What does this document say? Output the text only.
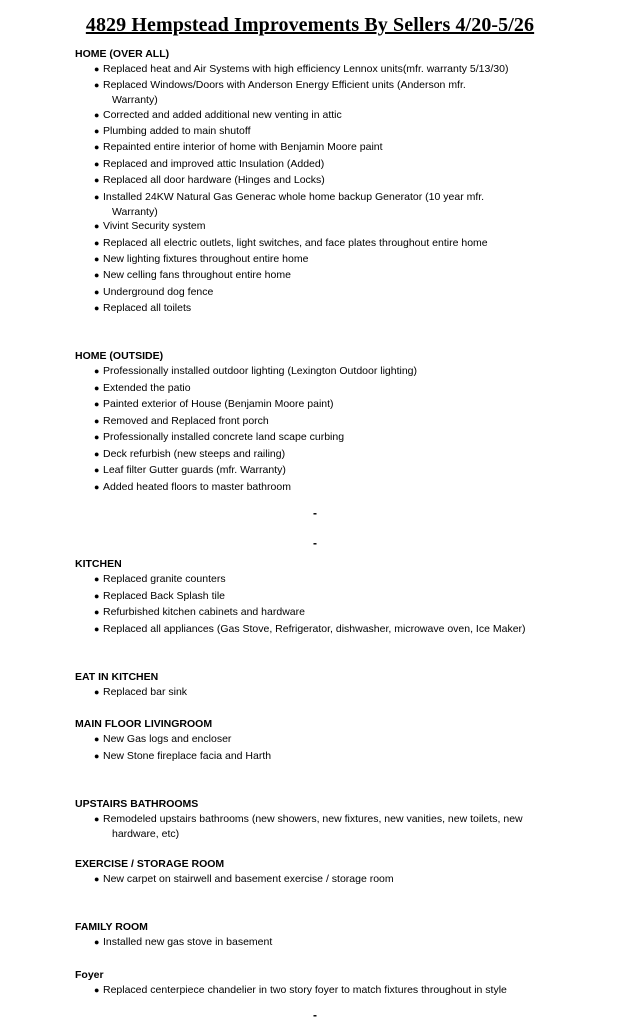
4829 Hempstead Improvements By Sellers 4/20-5/26
HOME (OVER ALL)
● Replaced heat and Air Systems with high efficiency Lennox units(mfr. warranty 5/13/30)
● Replaced Windows/Doors with Anderson Energy Efficient units (Anderson mfr.
Warranty)
● Corrected and added additional new venting in attic
● Plumbing added to main shutoff
● Repainted entire interior of home with Benjamin Moore paint
● Replaced and improved attic Insulation (Added)
● Replaced all door hardware (Hinges and Locks)
● Installed 24KW Natural Gas Generac whole home backup Generator (10 year mfr.
Warranty)
● Vivint Security system
● Replaced all electric outlets, light switches, and face plates throughout entire home
● New lighting fixtures throughout entire home
● New celling fans throughout entire home
● Underground dog fence
● Replaced all toilets
HOME (OUTSIDE)
● Professionally installed outdoor lighting (Lexington Outdoor lighting)
● Extended the patio
● Painted exterior of House (Benjamin Moore paint)
● Removed and Replaced front porch
● Professionally installed concrete land scape curbing
● Deck refurbish (new steeps and railing)
● Leaf filter Gutter guards (mfr. Warranty)
● Added heated floors to master bathroom
KITCHEN
● Replaced granite counters
● Replaced Back Splash tile
● Refurbished kitchen cabinets and hardware
● Replaced all appliances (Gas Stove, Refrigerator, dishwasher, microwave oven, Ice Maker)
EAT IN KITCHEN
● Replaced bar sink
MAIN FLOOR LIVINGROOM
● New Gas logs and encloser
● New Stone fireplace facia and Harth
UPSTAIRS BATHROOMS
● Remodeled upstairs bathrooms (new showers, new fixtures, new vanities, new toilets, new
hardware, etc)
EXERCISE / STORAGE ROOM
● New carpet on stairwell and basement exercise / storage room
FAMILY ROOM
● Installed new gas stove in basement
Foyer
● Replaced centerpiece chandelier in two story foyer to match fixtures throughout in style
-
-
-
